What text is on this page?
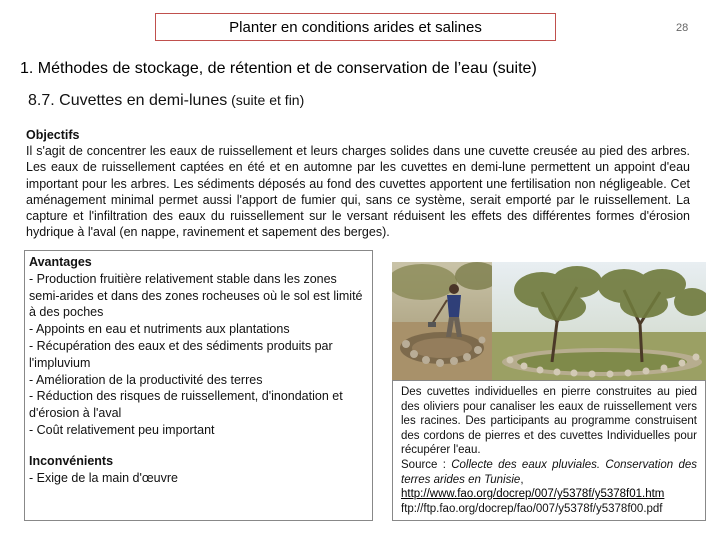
Planter en conditions arides et salines	28
1. Méthodes de stockage, de rétention et de conservation de l’eau (suite)
8.7. Cuvettes en demi-lunes (suite et fin)
Objectifs
Il s'agit de concentrer les eaux de ruissellement et leurs charges solides dans une cuvette creusée au pied des arbres. Les eaux de ruissellement captées en été et en automne par les cuvettes en demi-lune permettent un appoint d'eau important pour les arbres. Les sédiments déposés au fond des cuvettes apportent une fertilisation non négligeable. Cet aménagement minimal permet aussi l'apport de fumier qui, sans ce système, serait emporté par le ruissellement. La capture et l'infiltration des eaux du ruissellement sur le versant réduisent les effets des différentes formes d'érosion hydrique à l'aval (en nappe, ravinement et sapement des berges).
Avantages
- Production fruitière relativement stable dans les zones semi-arides et dans des zones rocheuses où le sol est limité à des poches
- Appoints en eau et nutriments aux plantations
- Récupération des eaux et des sédiments produits par l'impluvium
- Amélioration de la productivité des terres
- Réduction des risques de ruissellement, d'inondation et d'érosion à l'aval
- Coût relativement peu important
Inconvénients
- Exige de la main d'œuvre
Des cuvettes individuelles en pierre construites au pied des oliviers pour canaliser les eaux de ruissellement vers les racines. Des participants au programme construisent des cordons de pierres et des cuvettes Individuelles pour récupérer l'eau.
Source : Collecte des eaux pluviales. Conservation des terres arides en Tunisie,
http://www.fao.org/docrep/007/y5378f/y5378f01.htm
ftp://ftp.fao.org/docrep/fao/007/y5378f/y5378f00.pdf
